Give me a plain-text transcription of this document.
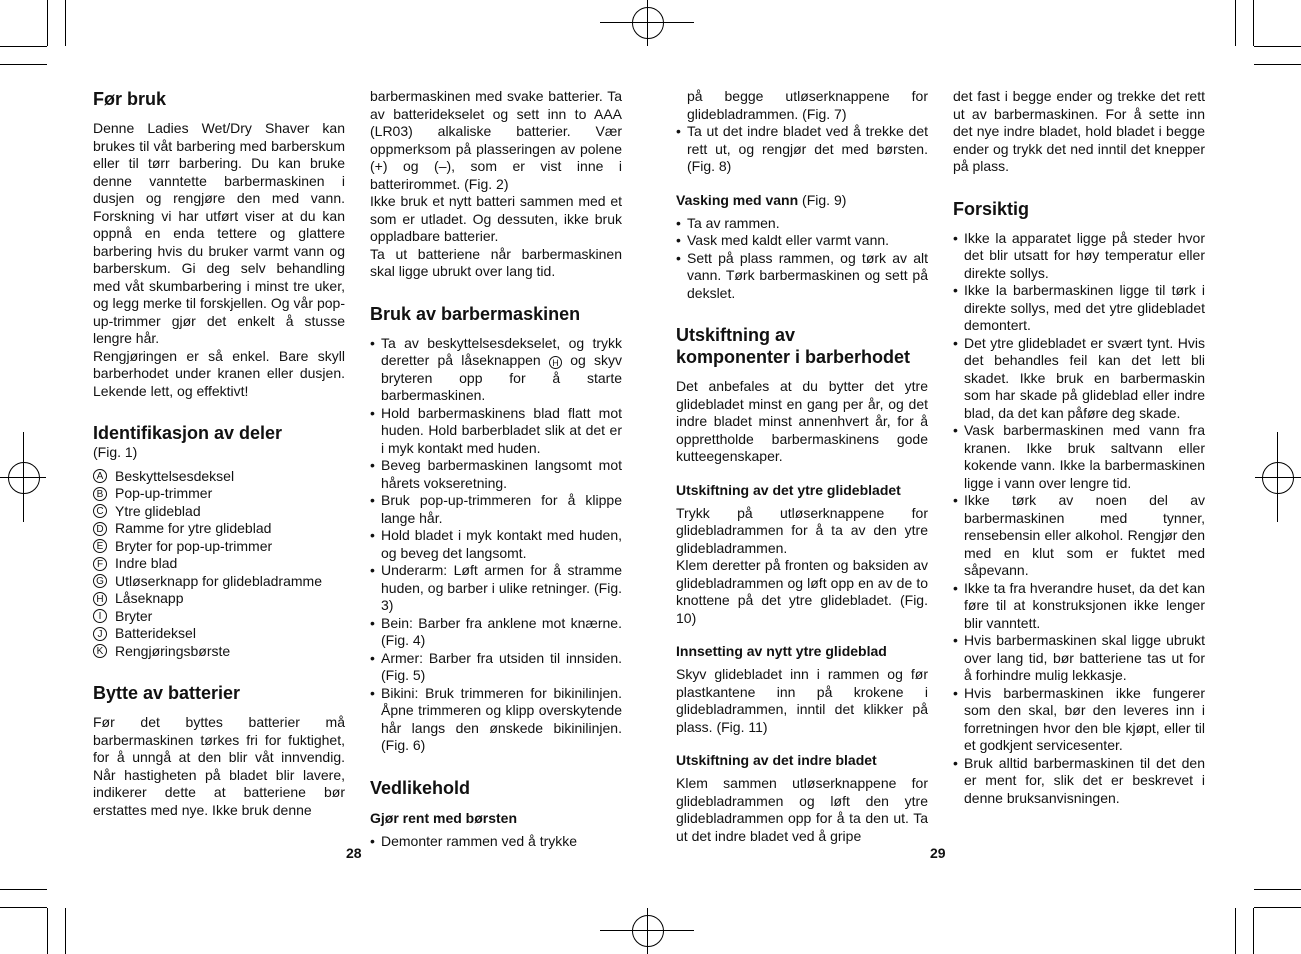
Før bruk

Denne Ladies Wet/Dry Shaver kan brukes til våt barbering med barberskum eller til tørr barbering. Du kan bruke denne vanntette barbermaskinen i dusjen og rengjøre den med vann. Forskning vi har utført viser at du kan oppnå en enda tettere og glattere barbering hvis du bruker varmt vann og barberskum. Gi deg selv behandling med våt skumbarbering i minst tre uker, og legg merke til forskjellen. Og vår pop-up-trimmer gjør det enkelt å stusse lengre hår.

Rengjøringen er så enkel. Bare skyll barberhodet under kranen eller dusjen. Lekende lett, og effektivt!

Identifikasjon av deler
(Fig. 1)
A Beskyttelsesdeksel
B Pop-up-trimmer
C Ytre glideblad
D Ramme for ytre glideblad
E Bryter for pop-up-trimmer
F Indre blad
G Utløserknapp for glidebladramme
H Låseknapp
I Bryter
J Batterideksel
K Rengjøringsbørste
Bytte av batterier

Før det byttes batterier må barbermaskinen tørkes fri for fuktighet, for å unngå at den blir våt innvendig. Når hastigheten på bladet blir lavere, indikerer dette at batteriene bør erstattes med nye. Ikke bruk denne

barbermaskinen med svake batterier. Ta av batteridekselet og sett inn to AAA (LR03) alkaliske batterier. Vær oppmerksom på plasseringen av polene (+) og (–), som er vist inne i batterirommet. (Fig. 2)

Ikke bruk et nytt batteri sammen med et som er utladet. Og dessuten, ikke bruk oppladbare batterier.

Ta ut batteriene når barbermaskinen skal ligge ubrukt over lang tid.

Bruk av barbermaskinen
• Ta av beskyttelsesdekselet, og trykk deretter på låseknappen H og skyv bryteren opp for å starte barbermaskinen.
• Hold barbermaskinens blad flatt mot huden. Hold barberbladet slik at det er i myk kontakt med huden.
• Beveg barbermaskinen langsomt mot hårets vokseretning.
• Bruk pop-up-trimmeren for å klippe lange hår.
• Hold bladet i myk kontakt med huden, og beveg det langsomt.
• Underarm: Løft armen for å stramme huden, og barber i ulike retninger. (Fig. 3)
• Bein: Barber fra anklene mot knærne. (Fig. 4)
• Armer: Barber fra utsiden til innsiden. (Fig. 5)
• Bikini: Bruk trimmeren for bikinilinjen. Åpne trimmeren og klipp overskytende hår langs den ønskede bikinilinjen. (Fig. 6)
Vedlikehold
Gjør rent med børsten
• Demonter rammen ved å trykke

på begge utløserknappene for glidebladrammen. (Fig. 7)

• Ta ut det indre bladet ved å trekke det rett ut, og rengjør det med børsten. (Fig. 8)
Vasking med vann (Fig. 9)
• Ta av rammen.
• Vask med kaldt eller varmt vann.
• Sett på plass rammen, og tørk av alt vann. Tørk barbermaskinen og sett på dekslet.
Utskiftning av
komponenter i barberhodet

Det anbefales at du bytter det ytre glidebladet minst en gang per år, og det indre bladet minst annenhvert år, for å opprettholde barbermaskinens gode kutteegenskaper.

Utskiftning av det ytre glidebladet

Trykk på utløserknappene for glidebladrammen for å ta av den ytre glidebladrammen.

Klem deretter på fronten og baksiden av glidebladrammen og løft opp en av de to knottene på det ytre glidebladet. (Fig. 10)

Innsetting av nytt ytre glideblad

Skyv glidebladet inn i rammen og før plastkantene inn på krokene i glidebladrammen, inntil det klikker på plass. (Fig. 11)

Utskiftning av det indre bladet

Klem sammen utløserknappene for glidebladrammen og løft den ytre glidebladrammen opp for å ta den ut. Ta ut det indre bladet ved å gripe

det fast i begge ender og trekke det rett ut av barbermaskinen. For å sette inn det nye indre bladet, hold bladet i begge ender og trykk det ned inntil det knepper på plass.

Forsiktig
• Ikke la apparatet ligge på steder hvor det blir utsatt for høy temperatur eller direkte sollys.
• Ikke la barbermaskinen ligge til tørk i direkte sollys, med det ytre glidebladet demontert.
• Det ytre glidebladet er svært tynt. Hvis det behandles feil kan det lett bli skadet. Ikke bruk en barbermaskin som har skade på glideblad eller indre blad, da det kan påføre deg skade.
• Vask barbermaskinen med vann fra kranen. Ikke bruk saltvann eller kokende vann. Ikke la barbermaskinen ligge i vann over lengre tid.
• Ikke tørk av noen del av barbermaskinen med tynner, rensebensin eller alkohol. Rengjør den med en klut som er fuktet med såpevann.
• Ikke ta fra hverandre huset, da det kan føre til at konstruksjonen ikke lenger blir vanntett.
• Hvis barbermaskinen skal ligge ubrukt over lang tid, bør batteriene tas ut for å forhindre mulig lekkasje.
• Hvis barbermaskinen ikke fungerer som den skal, bør den leveres inn i forretningen hvor den ble kjøpt, eller til et godkjent servicesenter.
• Bruk alltid barbermaskinen til det den er ment for, slik det er beskrevet i denne bruksanvisningen.
28	29
